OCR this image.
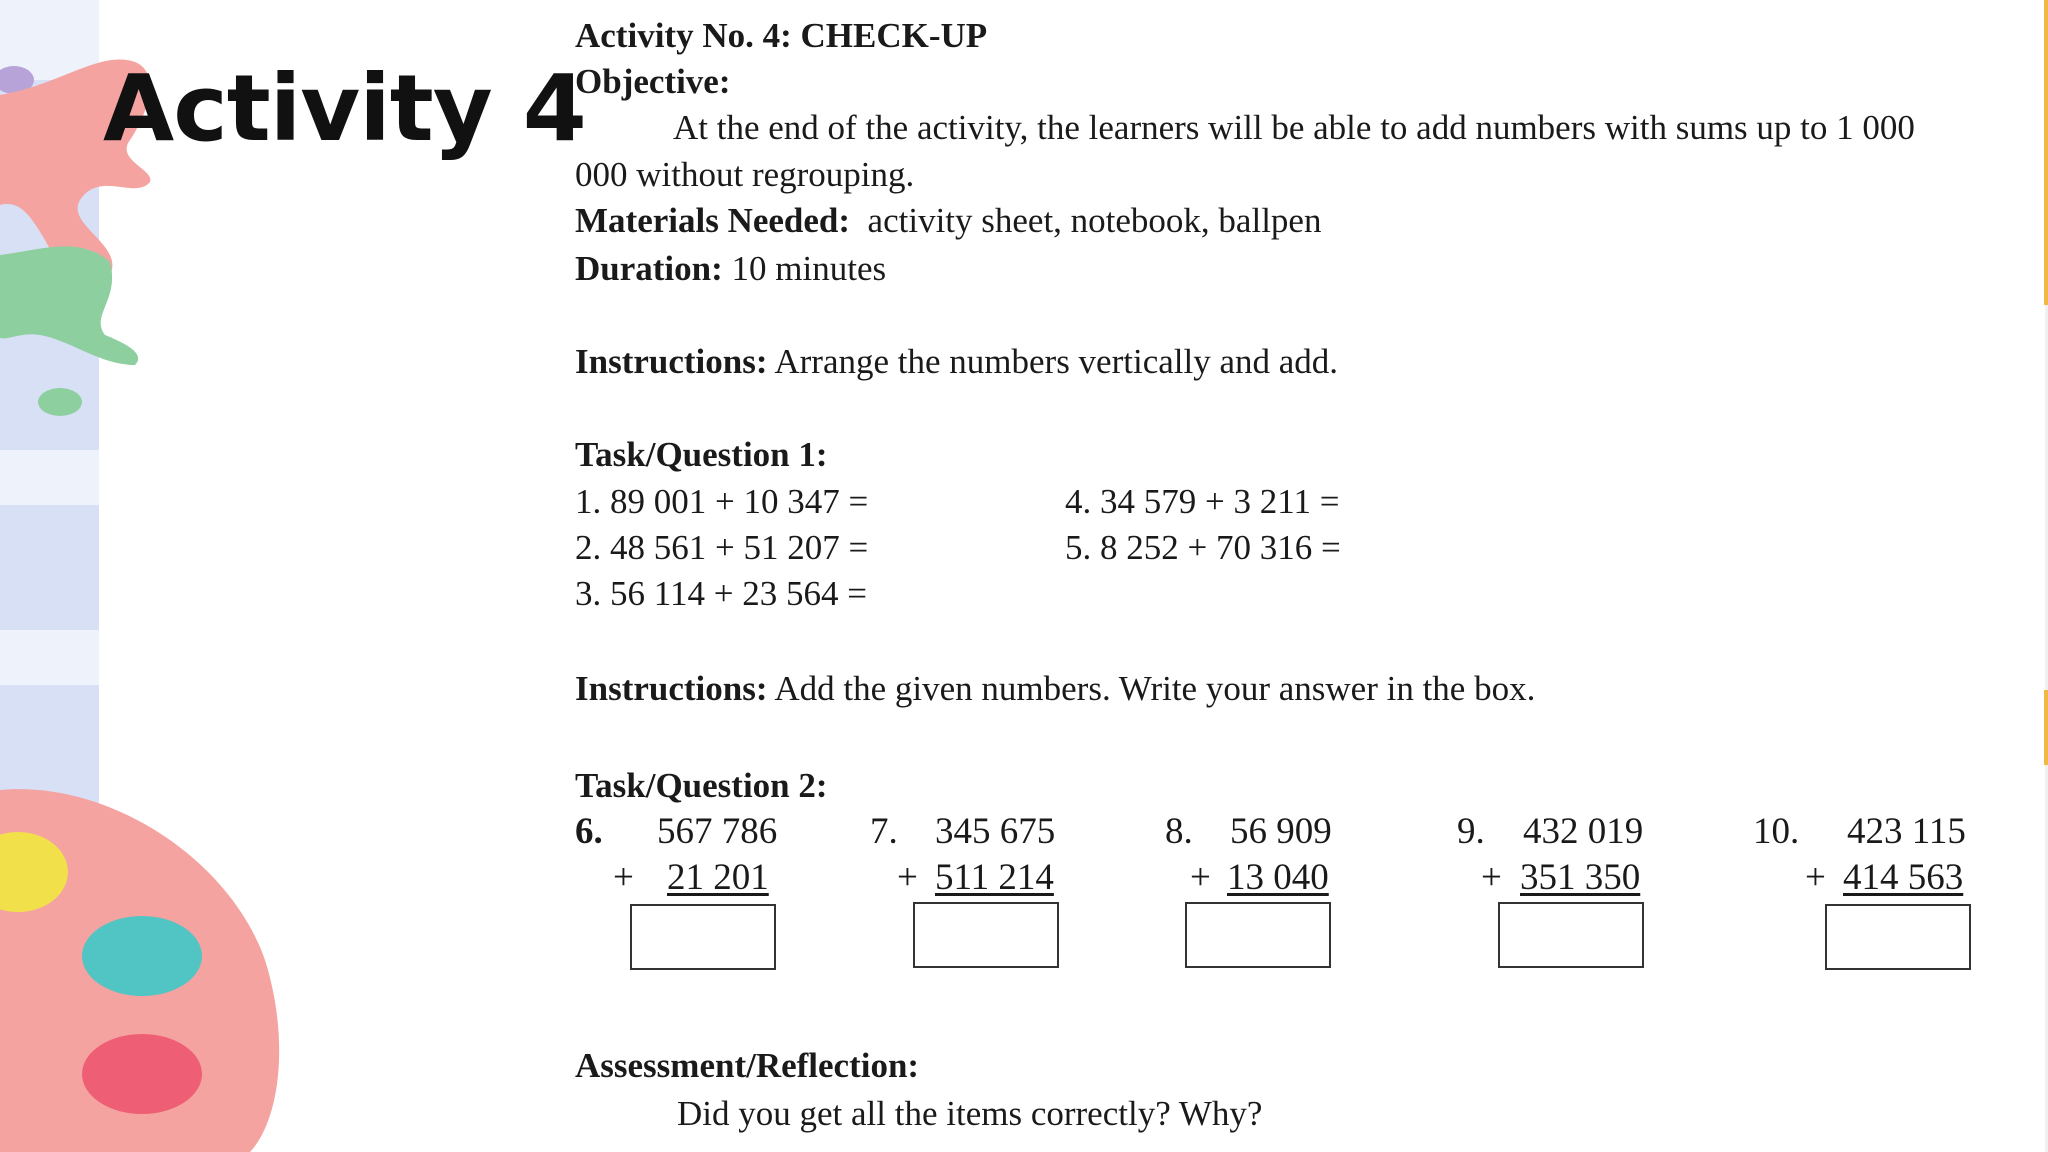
Activity 4
Activity No. 4: CHECK-UP
Objective:
At the end of the activity, the learners will be able to add numbers with sums up to 1 000
000 without regrouping.
Materials Needed: activity sheet, notebook, ballpen
Duration: 10 minutes
Instructions: Arrange the numbers vertically and add.
Task/Question 1:
1. 89 001 + 10 347 =
2. 48 561 + 51 207 =
3. 56 114 + 23 564 =
4. 34 579 + 3 211 =
5. 8 252 + 70 316 =
Instructions: Add the given numbers. Write your answer in the box.
Task/Question 2:
6. 567 786
+ 21 201
7. 345 675
+ 511 214
8. 56 909
+ 13 040
9. 432 019
+ 351 350
10. 423 115
+ 414 563
Assessment/Reflection:
Did you get all the items correctly? Why?
